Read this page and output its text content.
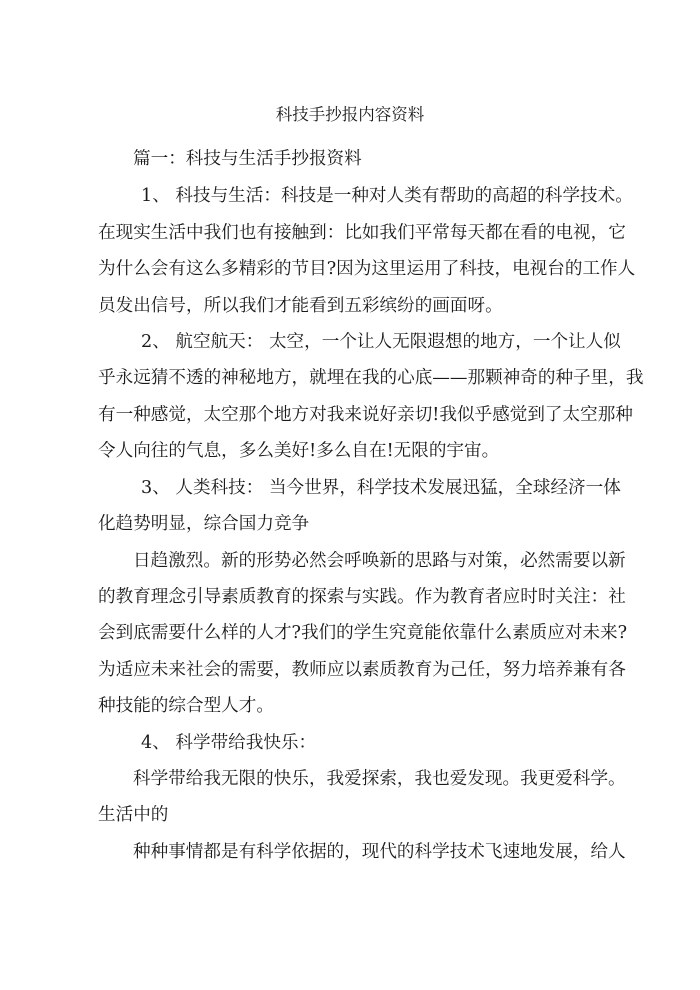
科技手抄报内容资料
篇一：科技与生活手抄报资料
1、 科技与生活：科技是一种对人类有帮助的高超的科学技术。
在现实生活中我们也有接触到：比如我们平常每天都在看的电视，它
为什么会有这么多精彩的节目?因为这里运用了科技，电视台的工作人
员发出信号，所以我们才能看到五彩缤纷的画面呀。
2、 航空航天： 太空，一个让人无限遐想的地方，一个让人似
乎永远猜不透的神秘地方，就埋在我的心底——那颗神奇的种子里，我
有一种感觉，太空那个地方对我来说好亲切!我似乎感觉到了太空那种
令人向往的气息，多么美好!多么自在!无限的宇宙。
3、 人类科技： 当今世界，科学技术发展迅猛，全球经济一体
化趋势明显，综合国力竞争
日趋激烈。新的形势必然会呼唤新的思路与对策，必然需要以新
的教育理念引导素质教育的探索与实践。作为教育者应时时关注：社
会到底需要什么样的人才?我们的学生究竟能依靠什么素质应对未来?
为适应未来社会的需要，教师应以素质教育为己任，努力培养兼有各
种技能的综合型人才。
4、 科学带给我快乐：
科学带给我无限的快乐，我爱探索，我也爱发现。我更爱科学。
生活中的
种种事情都是有科学依据的，现代的科学技术飞速地发展，给人
